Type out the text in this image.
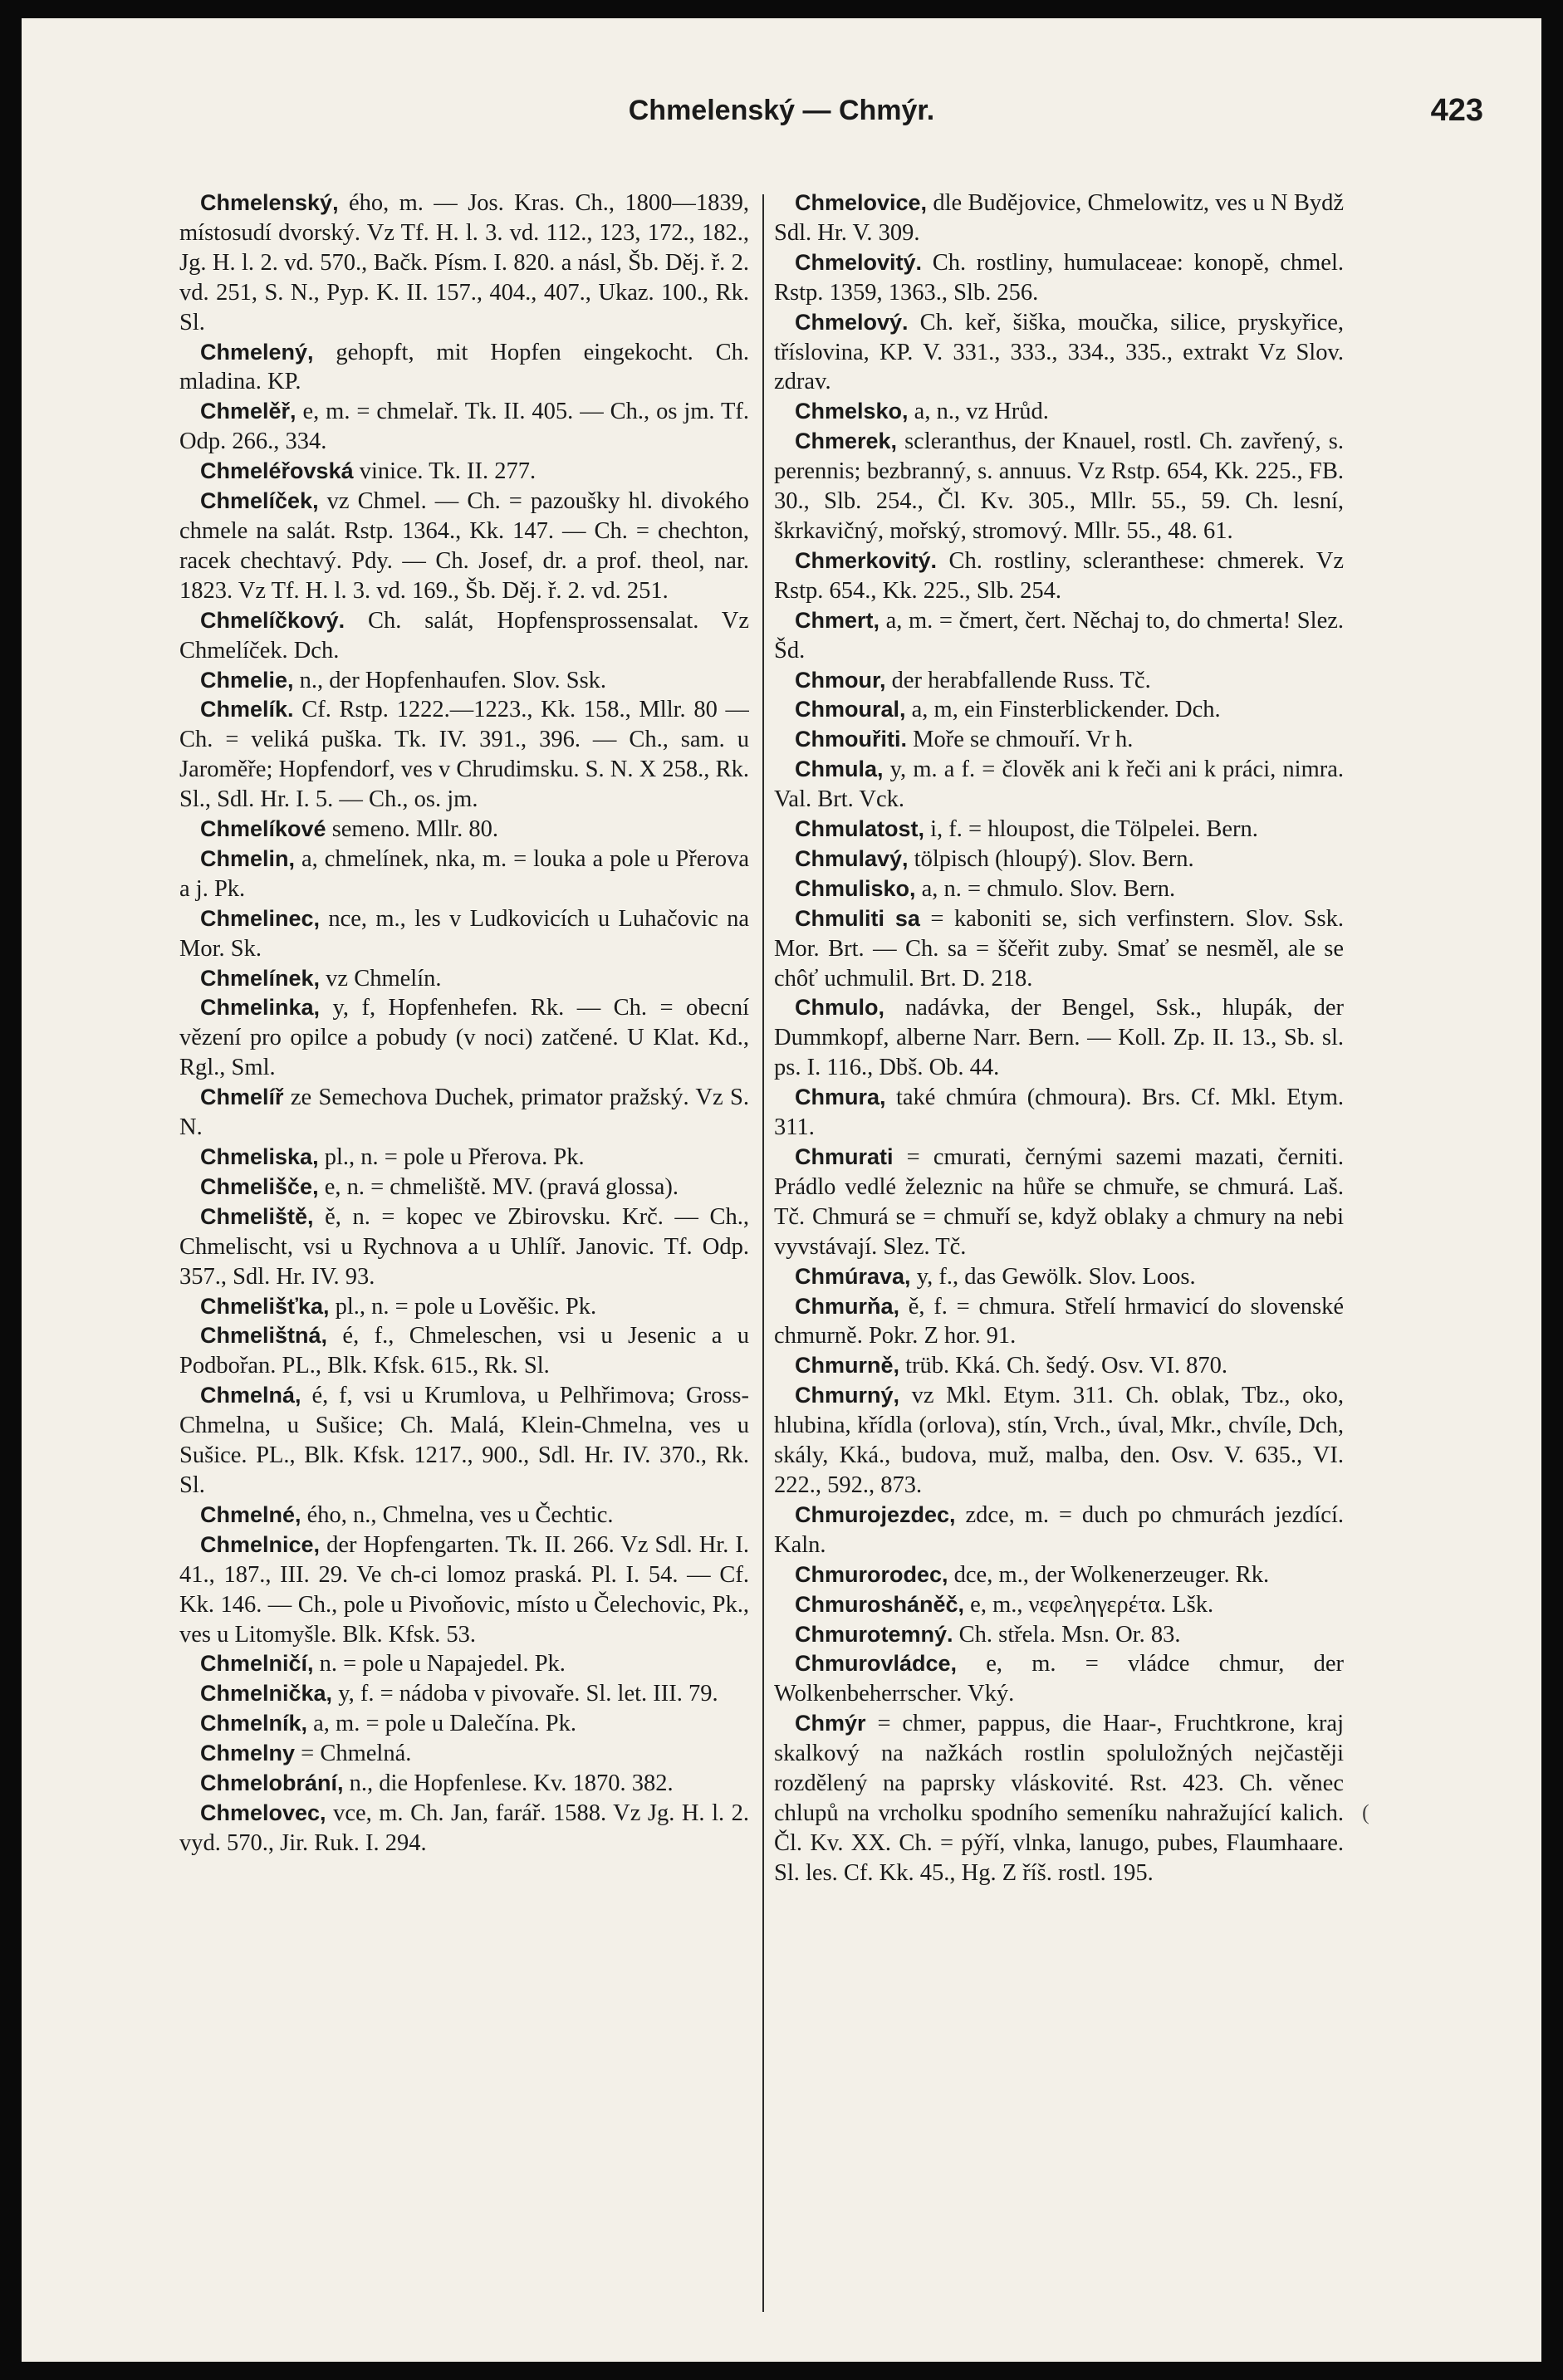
Chmelenský — Chmýr.	423

Chmelenský, ého, m. — Jos. Kras. Ch., 1800—1839, místosudí dvorský. Vz Tf. H. l. 3. vd. 112., 123, 172., 182., Jg. H. l. 2. vd. 570., Bačk. Písm. I. 820. a násl, Šb. Děj. ř. 2. vd. 251, S. N., Pyp. K. II. 157., 404., 407., Ukaz. 100., Rk. Sl.

Chmelený, gehopft, mit Hopfen eingekocht. Ch. mladina. KP.

Chmelěř, e, m. = chmelař. Tk. II. 405. — Ch., os jm. Tf. Odp. 266., 334.

Chmeléřovská vinice. Tk. II. 277.

Chmelíček, vz Chmel. — Ch. = pazoušky hl. divokého chmele na salát. Rstp. 1364., Kk. 147. — Ch. = chechton, racek chechtavý. Pdy. — Ch. Josef, dr. a prof. theol, nar. 1823. Vz Tf. H. l. 3. vd. 169., Šb. Děj. ř. 2. vd. 251.

Chmelíčkový. Ch. salát, Hopfensprossensalat. Vz Chmelíček. Dch.

Chmelie, n., der Hopfenhaufen. Slov. Ssk.

Chmelík. Cf. Rstp. 1222.—1223., Kk. 158., Mllr. 80 — Ch. = veliká puška. Tk. IV. 391., 396. — Ch., sam. u Jaroměře; Hopfendorf, ves v Chrudimsku. S. N. X 258., Rk. Sl., Sdl. Hr. I. 5. — Ch., os. jm.

Chmelíkové semeno. Mllr. 80.

Chmelin, a, chmelínek, nka, m. = louka a pole u Přerova a j. Pk.

Chmelinec, nce, m., les v Ludkovicích u Luhačovic na Mor. Sk.

Chmelínek, vz Chmelín.

Chmelinka, y, f, Hopfenhefen. Rk. — Ch. = obecní vězení pro opilce a pobudy (v noci) zatčené. U Klat. Kd., Rgl., Sml.

Chmelíř ze Semechova Duchek, primator pražský. Vz S. N.

Chmeliska, pl., n. = pole u Přerova. Pk.

Chmelišče, e, n. = chmeliště. MV. (pravá glossa).

Chmeliště, ě, n. = kopec ve Zbirovsku. Krč. — Ch., Chmelischt, vsi u Rychnova a u Uhlíř. Janovic. Tf. Odp. 357., Sdl. Hr. IV. 93.

Chmelišťka, pl., n. = pole u Lověšic. Pk.

Chmelištná, é, f., Chmeleschen, vsi u Jesenic a u Podbořan. PL., Blk. Kfsk. 615., Rk. Sl.

Chmelná, é, f, vsi u Krumlova, u Pelhřimova; Gross-Chmelna, u Sušice; Ch. Malá, Klein-Chmelna, ves u Sušice. PL., Blk. Kfsk. 1217., 900., Sdl. Hr. IV. 370., Rk. Sl.

Chmelné, ého, n., Chmelna, ves u Čechtic.

Chmelnice, der Hopfengarten. Tk. II. 266. Vz Sdl. Hr. I. 41., 187., III. 29. Ve ch-ci lomoz praská. Pl. I. 54. — Cf. Kk. 146. — Ch., pole u Pivoňovic, místo u Čelechovic, Pk., ves u Litomyšle. Blk. Kfsk. 53.

Chmelničí, n. = pole u Napajedel. Pk.

Chmelnička, y, f. = nádoba v pivovaře. Sl. let. III. 79.

Chmelník, a, m. = pole u Dalečína. Pk.

Chmelny = Chmelná.

Chmelobrání, n., die Hopfenlese. Kv. 1870. 382.

Chmelovec, vce, m. Ch. Jan, farář. 1588. Vz Jg. H. l. 2. vyd. 570., Jir. Ruk. I. 294.

Chmelovice, dle Budějovice, Chmelowitz, ves u N Bydž Sdl. Hr. V. 309.

Chmelovitý. Ch. rostliny, humulaceae: konopě, chmel. Rstp. 1359, 1363., Slb. 256.

Chmelový. Ch. keř, šiška, moučka, silice, pryskyřice, tříslovina, KP. V. 331., 333., 334., 335., extrakt Vz Slov. zdrav.

Chmelsko, a, n., vz Hrůd.

Chmerek, scleranthus, der Knauel, rostl. Ch. zavřený, s. perennis; bezbranný, s. annuus. Vz Rstp. 654, Kk. 225., FB. 30., Slb. 254., Čl. Kv. 305., Mllr. 55., 59. Ch. lesní, škrkavičný, mořský, stromový. Mllr. 55., 48. 61.

Chmerkovitý. Ch. rostliny, scleranthese: chmerek. Vz Rstp. 654., Kk. 225., Slb. 254.

Chmert, a, m. = čmert, čert. Něchaj to, do chmerta! Slez. Šd.

Chmour, der herabfallende Russ. Tč.

Chmoural, a, m, ein Finsterblickender. Dch.

Chmouřiti. Moře se chmouří. Vr h.

Chmula, y, m. a f. = člověk ani k řeči ani k práci, nimra. Val. Brt. Vck.

Chmulatost, i, f. = hloupost, die Tölpelei. Bern.

Chmulavý, tölpisch (hloupý). Slov. Bern.

Chmulisko, a, n. = chmulo. Slov. Bern.

Chmuliti sa = kaboniti se, sich verfinstern. Slov. Ssk. Mor. Brt. — Ch. sa = ščeřit zuby. Smať se nesměl, ale se chôť uchmulil. Brt. D. 218.

Chmulo, nadávka, der Bengel, Ssk., hlupák, der Dummkopf, alberne Narr. Bern. — Koll. Zp. II. 13., Sb. sl. ps. I. 116., Dbš. Ob. 44.

Chmura, také chmúra (chmoura). Brs. Cf. Mkl. Etym. 311.

Chmurati = cmurati, černými sazemi mazati, černiti. Prádlo vedlé železnic na hůře se chmuře, se chmurá. Laš. Tč. Chmurá se = chmuří se, když oblaky a chmury na nebi vyvstávají. Slez. Tč.

Chmúrava, y, f., das Gewölk. Slov. Loos.

Chmurňa, ě, f. = chmura. Střelí hrmavicí do slovenské chmurně. Pokr. Z hor. 91.

Chmurně, trüb. Kká. Ch. šedý. Osv. VI. 870.

Chmurný, vz Mkl. Etym. 311. Ch. oblak, Tbz., oko, hlubina, křídla (orlova), stín, Vrch., úval, Mkr., chvíle, Dch, skály, Kká., budova, muž, malba, den. Osv. V. 635., VI. 222., 592., 873.

Chmurojezdec, zdce, m. = duch po chmurách jezdící. Kaln.

Chmurorodec, dce, m., der Wolkenerzeuger. Rk.

Chmurosháněč, e, m., νεφεληγερέτα. Lšk.

Chmurotemný. Ch. střela. Msn. Or. 83.

Chmurovládce, e, m. = vládce chmur, der Wolkenbeherrscher. Vký.

Chmýr = chmer, pappus, die Haar-, Fruchtkrone, kraj skalkový na nažkách rostlin spoluložných nejčastěji rozdělený na paprsky vláskovité. Rst. 423. Ch. věnec chlupů na vrcholku spodního semeníku nahražující kalich. Čl. Kv. XX. Ch. = pýří, vlnka, lanugo, pubes, Flaumhaare. Sl. les. Cf. Kk. 45., Hg. Z říš. rostl. 195.

(
